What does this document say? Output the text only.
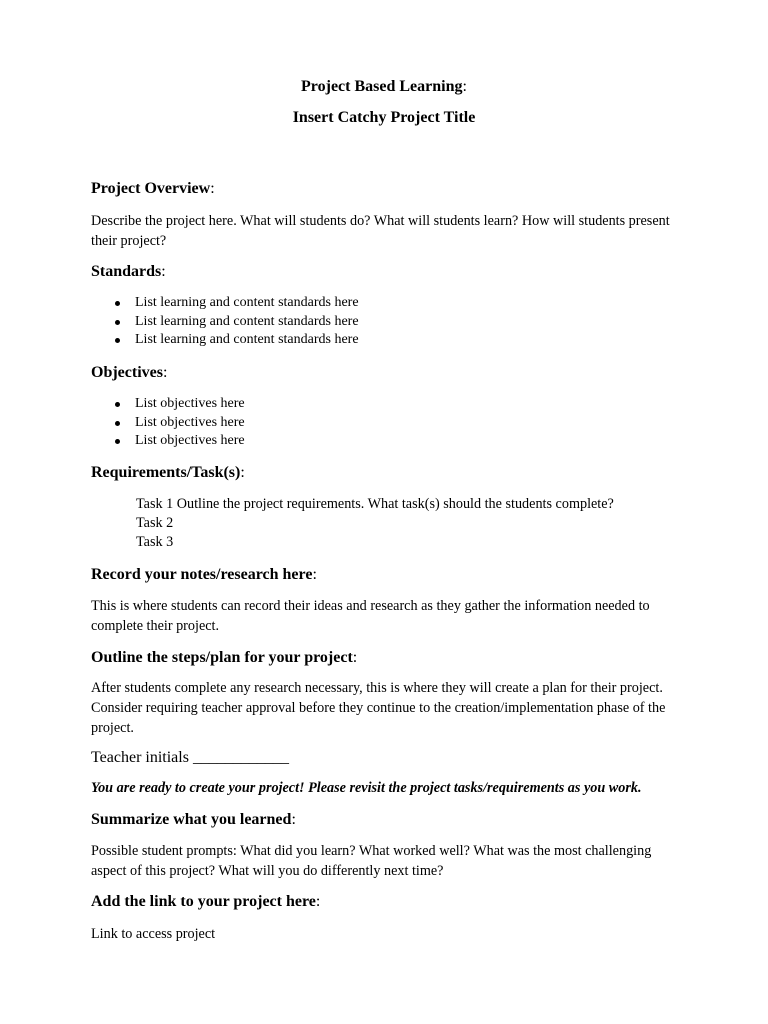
Project Based Learning:
Insert Catchy Project Title
Project Overview:
Describe the project here. What will students do? What will students learn? How will students present their project?
Standards:
List learning and content standards here
List learning and content standards here
List learning and content standards here
Objectives:
List objectives here
List objectives here
List objectives here
Requirements/Task(s):
Task 1 Outline the project requirements. What task(s) should the students complete?
Task 2
Task 3
Record your notes/research here:
This is where students can record their ideas and research as they gather the information needed to complete their project.
Outline the steps/plan for your project:
After students complete any research necessary, this is where they will create a plan for their project. Consider requiring teacher approval before they continue to the creation/implementation phase of the project.
Teacher initials ____________
You are ready to create your project! Please revisit the project tasks/requirements as you work.
Summarize what you learned:
Possible student prompts: What did you learn? What worked well? What was the most challenging aspect of this project? What will you do differently next time?
Add the link to your project here:
Link to access project
